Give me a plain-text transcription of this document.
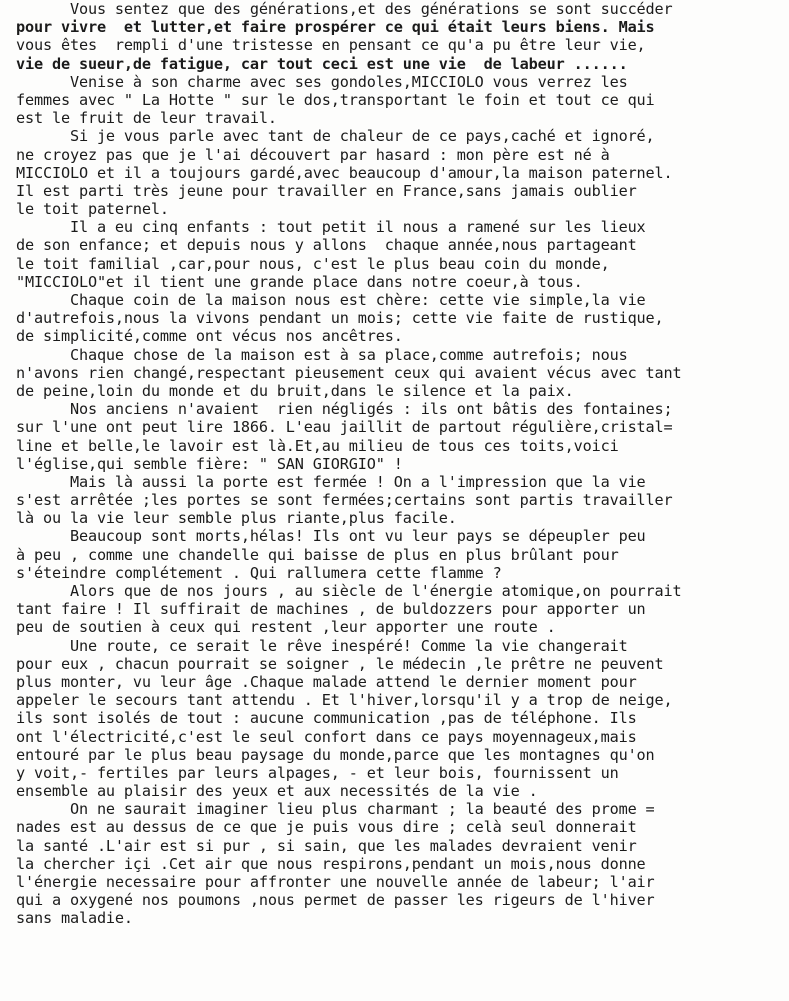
Vous sentez que des générations,et des générations se sont succéder
pour vivre  et lutter,et faire prospérer ce qui était leurs biens. Mais
vous êtes  rempli d'une tristesse en pensant ce qu'a pu être leur vie,
vie de sueur,de fatigue, car tout ceci est une vie  de labeur ......
Venise à son charme avec ses gondoles,MICCIOLO vous verrez les
femmes avec " La Hotte " sur le dos,transportant le foin et tout ce qui
est le fruit de leur travail.
Si je vous parle avec tant de chaleur de ce pays,caché et ignoré,
ne croyez pas que je l'ai découvert par hasard : mon père est né à
MICCIOLO et il a toujours gardé,avec beaucoup d'amour,la maison paternel.
Il est parti très jeune pour travailler en France,sans jamais oublier
le toit paternel.
Il a eu cinq enfants : tout petit il nous a ramené sur les lieux
de son enfance; et depuis nous y allons  chaque année,nous partageant
le toit familial ,car,pour nous, c'est le plus beau coin du monde,
"MICCIOLO"et il tient une grande place dans notre coeur,à tous.
Chaque coin de la maison nous est chère: cette vie simple,la vie
d'autrefois,nous la vivons pendant un mois; cette vie faite de rustique,
de simplicité,comme ont vécus nos ancêtres.
Chaque chose de la maison est à sa place,comme autrefois; nous
n'avons rien changé,respectant pieusement ceux qui avaient vécus avec tant
de peine,loin du monde et du bruit,dans le silence et la paix.
Nos anciens n'avaient  rien négligés : ils ont bâtis des fontaines;
sur l'une ont peut lire 1866. L'eau jaillit de partout régulière,cristal=
line et belle,le lavoir est là.Et,au milieu de tous ces toits,voici
l'église,qui semble fière: " SAN GIORGIO" !
Mais là aussi la porte est fermée ! On a l'impression que la vie
s'est arrêtée ;les portes se sont fermées;certains sont partis travailler
là ou la vie leur semble plus riante,plus facile.
Beaucoup sont morts,hélas! Ils ont vu leur pays se dépeupler peu
à peu , comme une chandelle qui baisse de plus en plus brûlant pour
s'éteindre complétement . Qui rallumera cette flamme ?
Alors que de nos jours , au siècle de l'énergie atomique,on pourrait
tant faire ! Il suffirait de machines , de buldozzers pour apporter un
peu de soutien à ceux qui restent ,leur apporter une route .
Une route, ce serait le rêve inespéré! Comme la vie changerait
pour eux , chacun pourrait se soigner , le médecin ,le prêtre ne peuvent
plus monter, vu leur âge .Chaque malade attend le dernier moment pour
appeler le secours tant attendu . Et l'hiver,lorsqu'il y a trop de neige,
ils sont isolés de tout : aucune communication ,pas de téléphone. Ils
ont l'électricité,c'est le seul confort dans ce pays moyennageux,mais
entouré par le plus beau paysage du monde,parce que les montagnes qu'on
y voit,- fertiles par leurs alpages, - et leur bois, fournissent un
ensemble au plaisir des yeux et aux necessités de la vie .
On ne saurait imaginer lieu plus charmant ; la beauté des prome =
nades est au dessus de ce que je puis vous dire ; celà seul donnerait
la santé .L'air est si pur , si sain, que les malades devraient venir
la chercher içi .Cet air que nous respirons,pendant un mois,nous donne
l'énergie necessaire pour affronter une nouvelle année de labeur; l'air
qui a oxygené nos poumons ,nous permet de passer les rigeurs de l'hiver
sans maladie.
